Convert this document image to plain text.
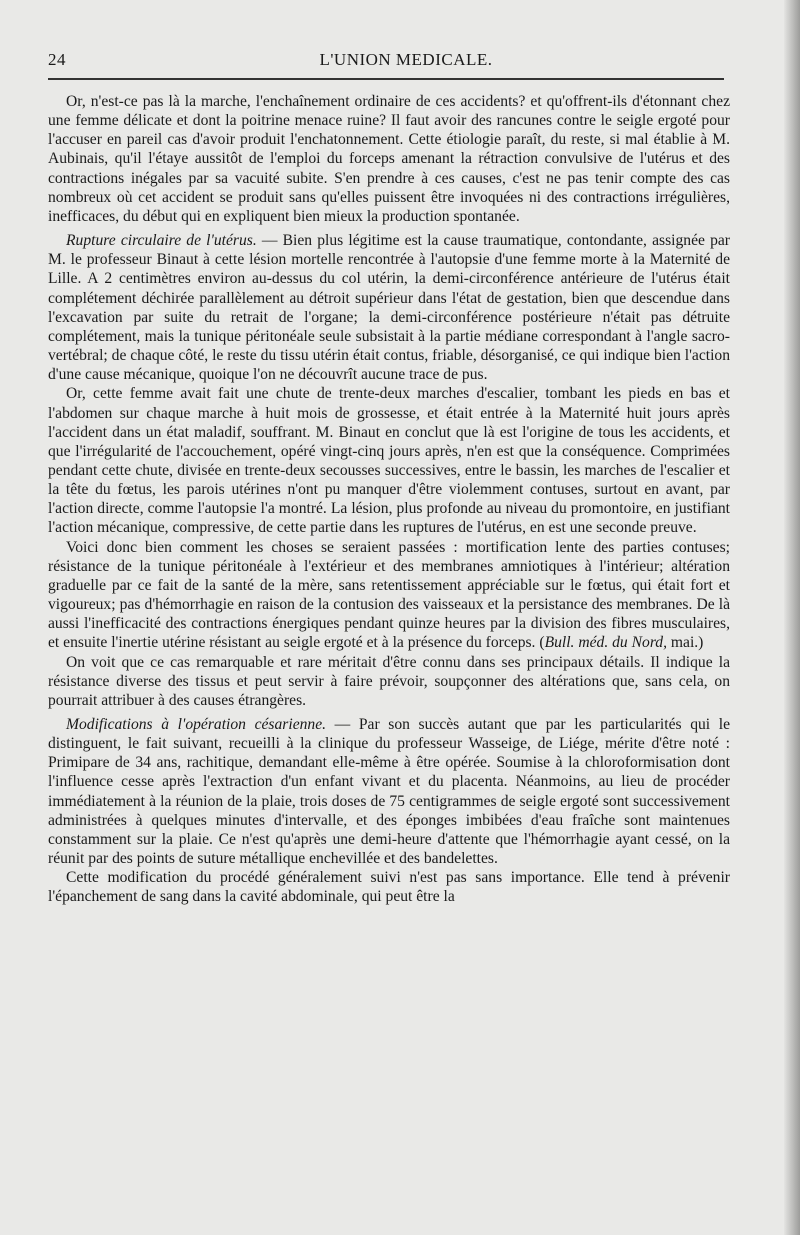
24	L'UNION MEDICALE.

Or, n'est-ce pas là la marche, l'enchaînement ordinaire de ces accidents? et qu'offrent-ils d'étonnant chez une femme délicate et dont la poitrine menace ruine? Il faut avoir des rancunes contre le seigle ergoté pour l'accuser en pareil cas d'avoir produit l'enchatonnement. Cette étiologie paraît, du reste, si mal établie à M. Aubinais, qu'il l'étaye aussitôt de l'emploi du forceps amenant la rétraction convulsive de l'utérus et des contractions inégales par sa vacuité subite. S'en prendre à ces causes, c'est ne pas tenir compte des cas nombreux où cet accident se produit sans qu'elles puissent être invoquées ni des contractions irrégulières, inefficaces, du début qui en expliquent bien mieux la production spontanée.

Rupture circulaire de l'utérus. — Bien plus légitime est la cause traumatique, contondante, assignée par M. le professeur Binaut à cette lésion mortelle rencontrée à l'autopsie d'une femme morte à la Maternité de Lille. A 2 centimètres environ au-dessus du col utérin, la demi-circonférence antérieure de l'utérus était complétement déchirée parallèlement au détroit supérieur dans l'état de gestation, bien que descendue dans l'excavation par suite du retrait de l'organe; la demi-circonférence postérieure n'était pas détruite complétement, mais la tunique péritonéale seule subsistait à la partie médiane correspondant à l'angle sacro-vertébral; de chaque côté, le reste du tissu utérin était contus, friable, désorganisé, ce qui indique bien l'action d'une cause mécanique, quoique l'on ne découvrît aucune trace de pus.

Or, cette femme avait fait une chute de trente-deux marches d'escalier, tombant les pieds en bas et l'abdomen sur chaque marche à huit mois de grossesse, et était entrée à la Maternité huit jours après l'accident dans un état maladif, souffrant. M. Binaut en conclut que là est l'origine de tous les accidents, et que l'irrégularité de l'accouchement, opéré vingt-cinq jours après, n'en est que la conséquence. Comprimées pendant cette chute, divisée en trente-deux secousses successives, entre le bassin, les marches de l'escalier et la tête du fœtus, les parois utérines n'ont pu manquer d'être violemment contuses, surtout en avant, par l'action directe, comme l'autopsie l'a montré. La lésion, plus profonde au niveau du promontoire, en justifiant l'action mécanique, compressive, de cette partie dans les ruptures de l'utérus, en est une seconde preuve.

Voici donc bien comment les choses se seraient passées : mortification lente des parties contuses; résistance de la tunique péritonéale à l'extérieur et des membranes amniotiques à l'intérieur; altération graduelle par ce fait de la santé de la mère, sans retentissement appréciable sur le fœtus, qui était fort et vigoureux; pas d'hémorrhagie en raison de la contusion des vaisseaux et la persistance des membranes. De là aussi l'inefficacité des contractions énergiques pendant quinze heures par la division des fibres musculaires, et ensuite l'inertie utérine résistant au seigle ergoté et à la présence du forceps. (Bull. méd. du Nord, mai.)

On voit que ce cas remarquable et rare méritait d'être connu dans ses principaux détails. Il indique la résistance diverse des tissus et peut servir à faire prévoir, soupçonner des altérations que, sans cela, on pourrait attribuer à des causes étrangères.

Modifications à l'opération césarienne. — Par son succès autant que par les particularités qui le distinguent, le fait suivant, recueilli à la clinique du professeur Wasseige, de Liége, mérite d'être noté : Primipare de 34 ans, rachitique, demandant elle-même à être opérée. Soumise à la chloroformisation dont l'influence cesse après l'extraction d'un enfant vivant et du placenta. Néanmoins, au lieu de procéder immédiatement à la réunion de la plaie, trois doses de 75 centigrammes de seigle ergoté sont successivement administrées à quelques minutes d'intervalle, et des éponges imbibées d'eau fraîche sont maintenues constamment sur la plaie. Ce n'est qu'après une demi-heure d'attente que l'hémorrhagie ayant cessé, on la réunit par des points de suture métallique enchevillée et des bandelettes.

Cette modification du procédé généralement suivi n'est pas sans importance. Elle tend à prévenir l'épanchement de sang dans la cavité abdominale, qui peut être la
